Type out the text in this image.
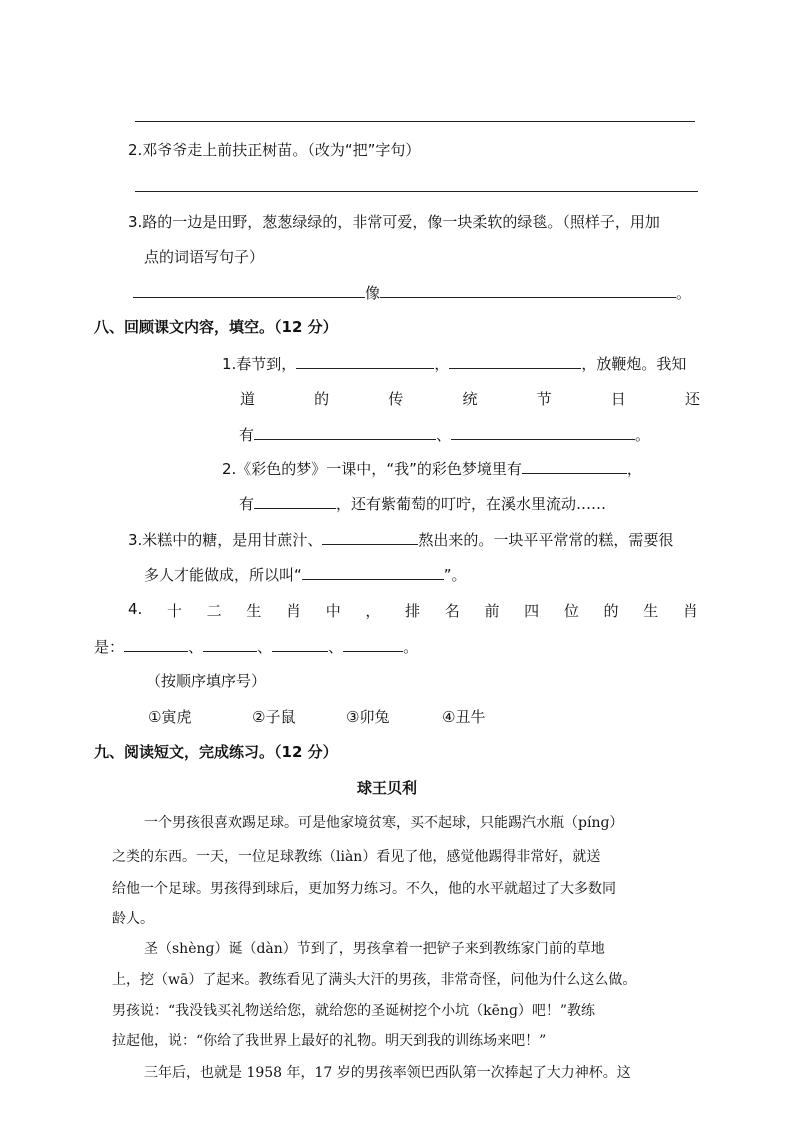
2.邓爷爷走上前扶正树苗。（改为“把”字句）
3.路的一边是田野，葱葱绿绿的，非常可爱，像一块柔软的绿毯。（照样子，用加
点的词语写句子）
像	。
八、回顾课文内容，填空。（12 分）
1.春节到，	，	，放鞭炮。我知
道	的	传	统	节	日	还
有	、	。
2.《彩色的梦》一课中，“我”的彩色梦境里有	，
有	，还有紫葡萄的叮咛，在溪水里流动……
3.米糕中的糖，是用甘蔗汁、	熬出来的。一块平平常常的糕，需要很
多人才能做成，所以叫“	”。
4. 十 二 生 肖 中 ， 排 名 前 四 位 的 生 肖
是：	、	、	、	。
（按顺序填序号）
①寅虎	②子鼠	③卯兔	④丑牛
九、阅读短文，完成练习。（12 分）
球王贝利
一个男孩很喜欢踢足球。可是他家境贫寒，买不起球，只能踢汽水瓶（pínɡ）
之类的东西。一天，一位足球教练（liàn）看见了他，感觉他踢得非常好，就送
给他一个足球。男孩得到球后，更加努力练习。不久，他的水平就超过了大多数同
龄人。
圣（shènɡ）诞（dàn）节到了，男孩拿着一把铲子来到教练家门前的草地
上，挖（wā）了起来。教练看见了满头大汗的男孩，非常奇怪，问他为什么这么做。
男孩说：“我没钱买礼物送给您，就给您的圣诞树挖个小坑（kēnɡ）吧！”教练
拉起他，说：“你给了我世界上最好的礼物。明天到我的训练场来吧！”
三年后，也就是 1958 年，17 岁的男孩率领巴西队第一次捧起了大力神杯。这
